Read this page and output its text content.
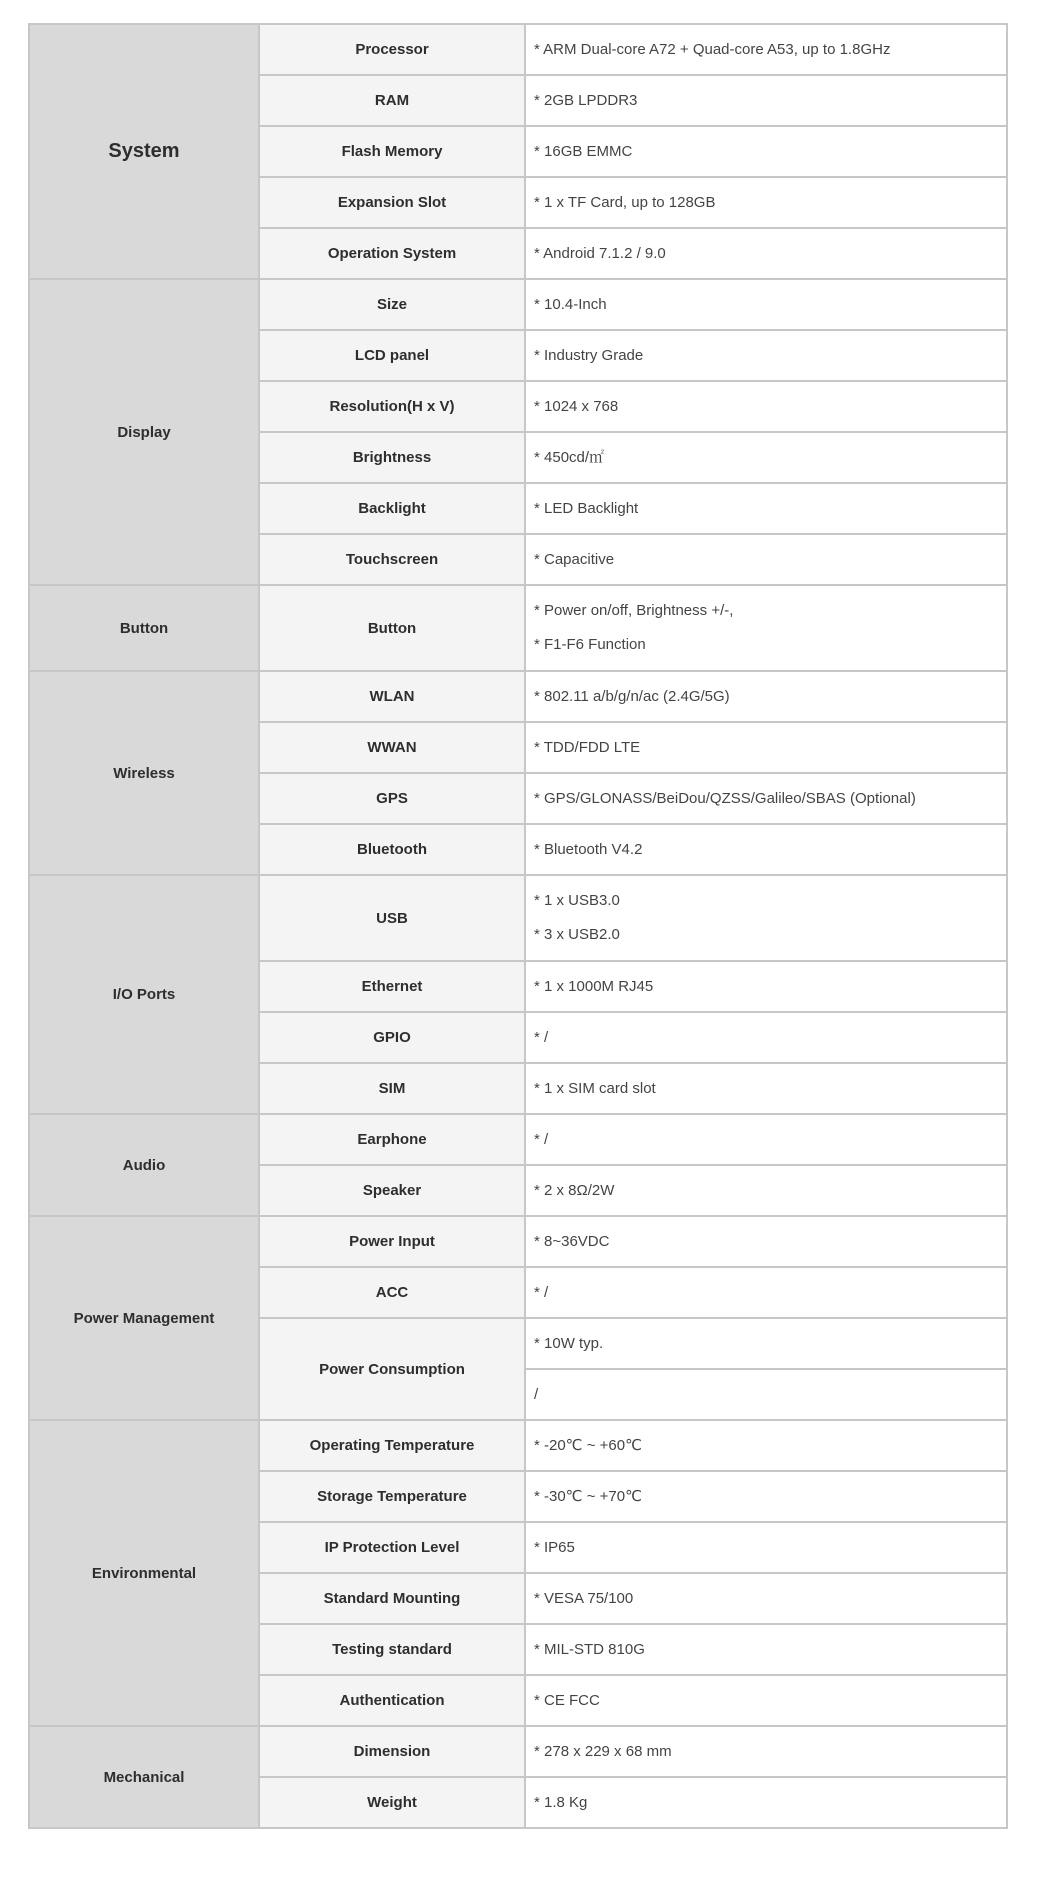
System	Processor	* ARM Dual-core A72 + Quad-core A53, up to 1.8GHz

	RAM	* 2GB LPDDR3

	Flash Memory	* 16GB EMMC

	Expansion Slot	* 1 x TF Card, up to 128GB

	Operation System	* Android 7.1.2 / 9.0

Display	Size	* 10.4-Inch

	LCD panel	* Industry Grade

	Resolution(H x V)	* 1024 x 768

	Brightness	* 450cd/㎡

	Backlight	* LED Backlight

	Touchscreen	* Capacitive

Button	Button	* Power on/off, Brightness +/-,
* F1-F6 Function

Wireless	WLAN	* 802.11 a/b/g/n/ac (2.4G/5G)

	WWAN	* TDD/FDD LTE

	GPS	* GPS/GLONASS/BeiDou/QZSS/Galileo/SBAS (Optional)

	Bluetooth	* Bluetooth V4.2

I/O Ports	USB	* 1 x USB3.0
* 3 x USB2.0

	Ethernet	* 1 x 1000M RJ45

	GPIO	* /

	SIM	* 1 x SIM card slot

Audio	Earphone	* /

	Speaker	* 2 x 8Ω/2W

Power Management	Power Input	* 8~36VDC

	ACC	* /

	Power Consumption	* 10W typ.

		/

Environmental	Operating Temperature	* -20℃ ~ +60℃

	Storage Temperature	* -30℃ ~ +70℃

	IP Protection Level	* IP65

	Standard Mounting	* VESA 75/100

	Testing standard	* MIL-STD 810G

	Authentication	* CE FCC

Mechanical	Dimension	* 278 x 229 x 68 mm

	Weight	* 1.8 Kg
